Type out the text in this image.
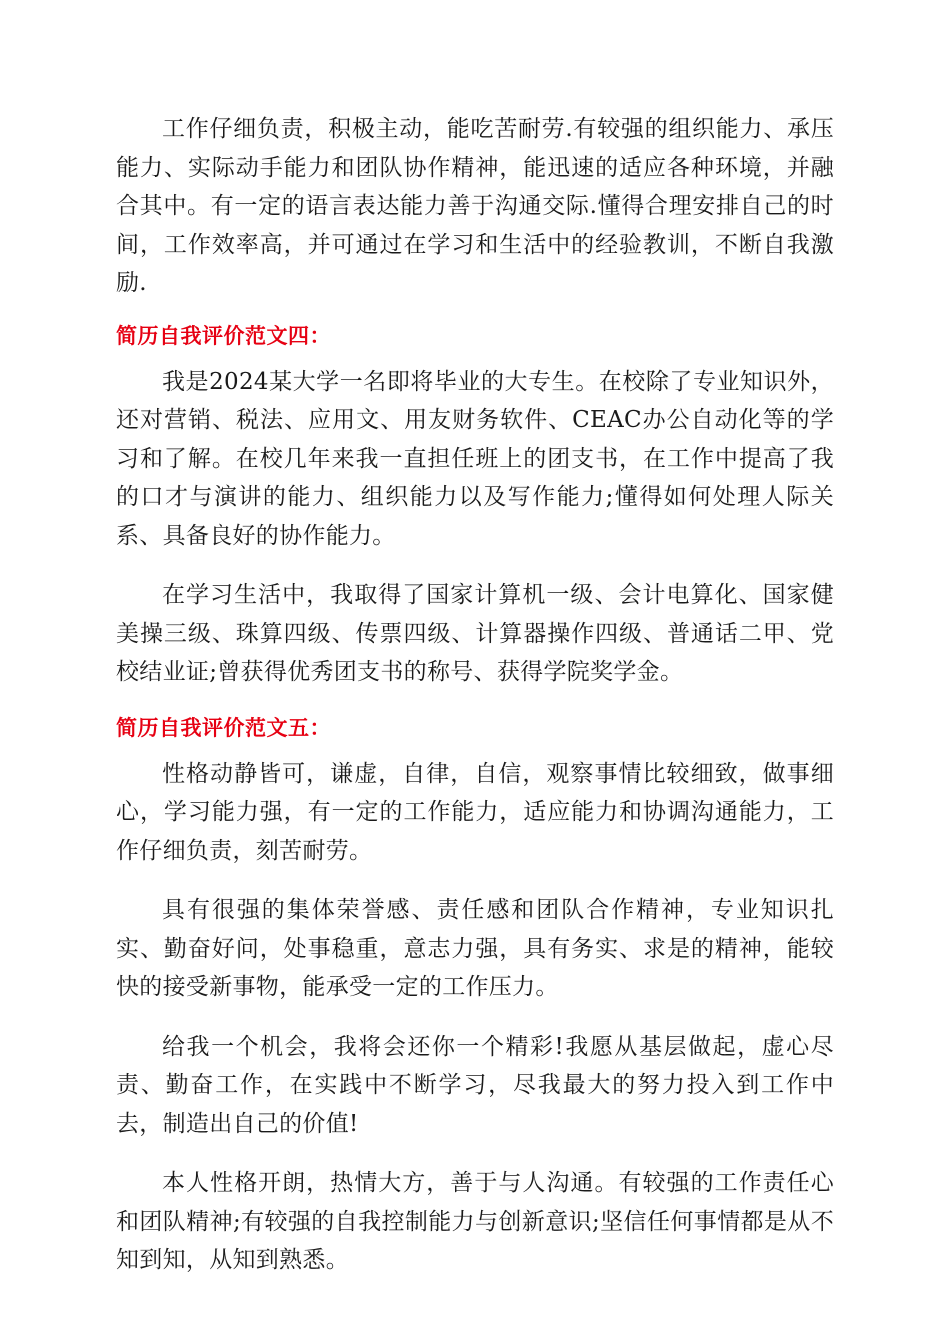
工作仔细负责，积极主动，能吃苦耐劳.有较强的组织能力、承压能力、实际动手能力和团队协作精神，能迅速的适应各种环境，并融合其中。有一定的语言表达能力善于沟通交际.懂得合理安排自己的时间，工作效率高，并可通过在学习和生活中的经验教训，不断自我激励.

简历自我评价范文四：

我是2024某大学一名即将毕业的大专生。在校除了专业知识外，还对营销、税法、应用文、用友财务软件、CEAC办公自动化等的学习和了解。在校几年来我一直担任班上的团支书，在工作中提高了我的口才与演讲的能力、组织能力以及写作能力;懂得如何处理人际关系、具备良好的协作能力。

在学习生活中，我取得了国家计算机一级、会计电算化、国家健美操三级、珠算四级、传票四级、计算器操作四级、普通话二甲、党校结业证;曾获得优秀团支书的称号、获得学院奖学金。

简历自我评价范文五：

性格动静皆可，谦虚，自律，自信，观察事情比较细致，做事细心，学习能力强，有一定的工作能力，适应能力和协调沟通能力，工作仔细负责，刻苦耐劳。

具有很强的集体荣誉感、责任感和团队合作精神，专业知识扎实、勤奋好问，处事稳重，意志力强，具有务实、求是的精神，能较快的接受新事物，能承受一定的工作压力。

给我一个机会，我将会还你一个精彩!我愿从基层做起，虚心尽责、勤奋工作，在实践中不断学习，尽我最大的努力投入到工作中去，制造出自己的价值!

本人性格开朗，热情大方，善于与人沟通。有较强的工作责任心和团队精神;有较强的自我控制能力与创新意识;坚信任何事情都是从不知到知，从知到熟悉。
